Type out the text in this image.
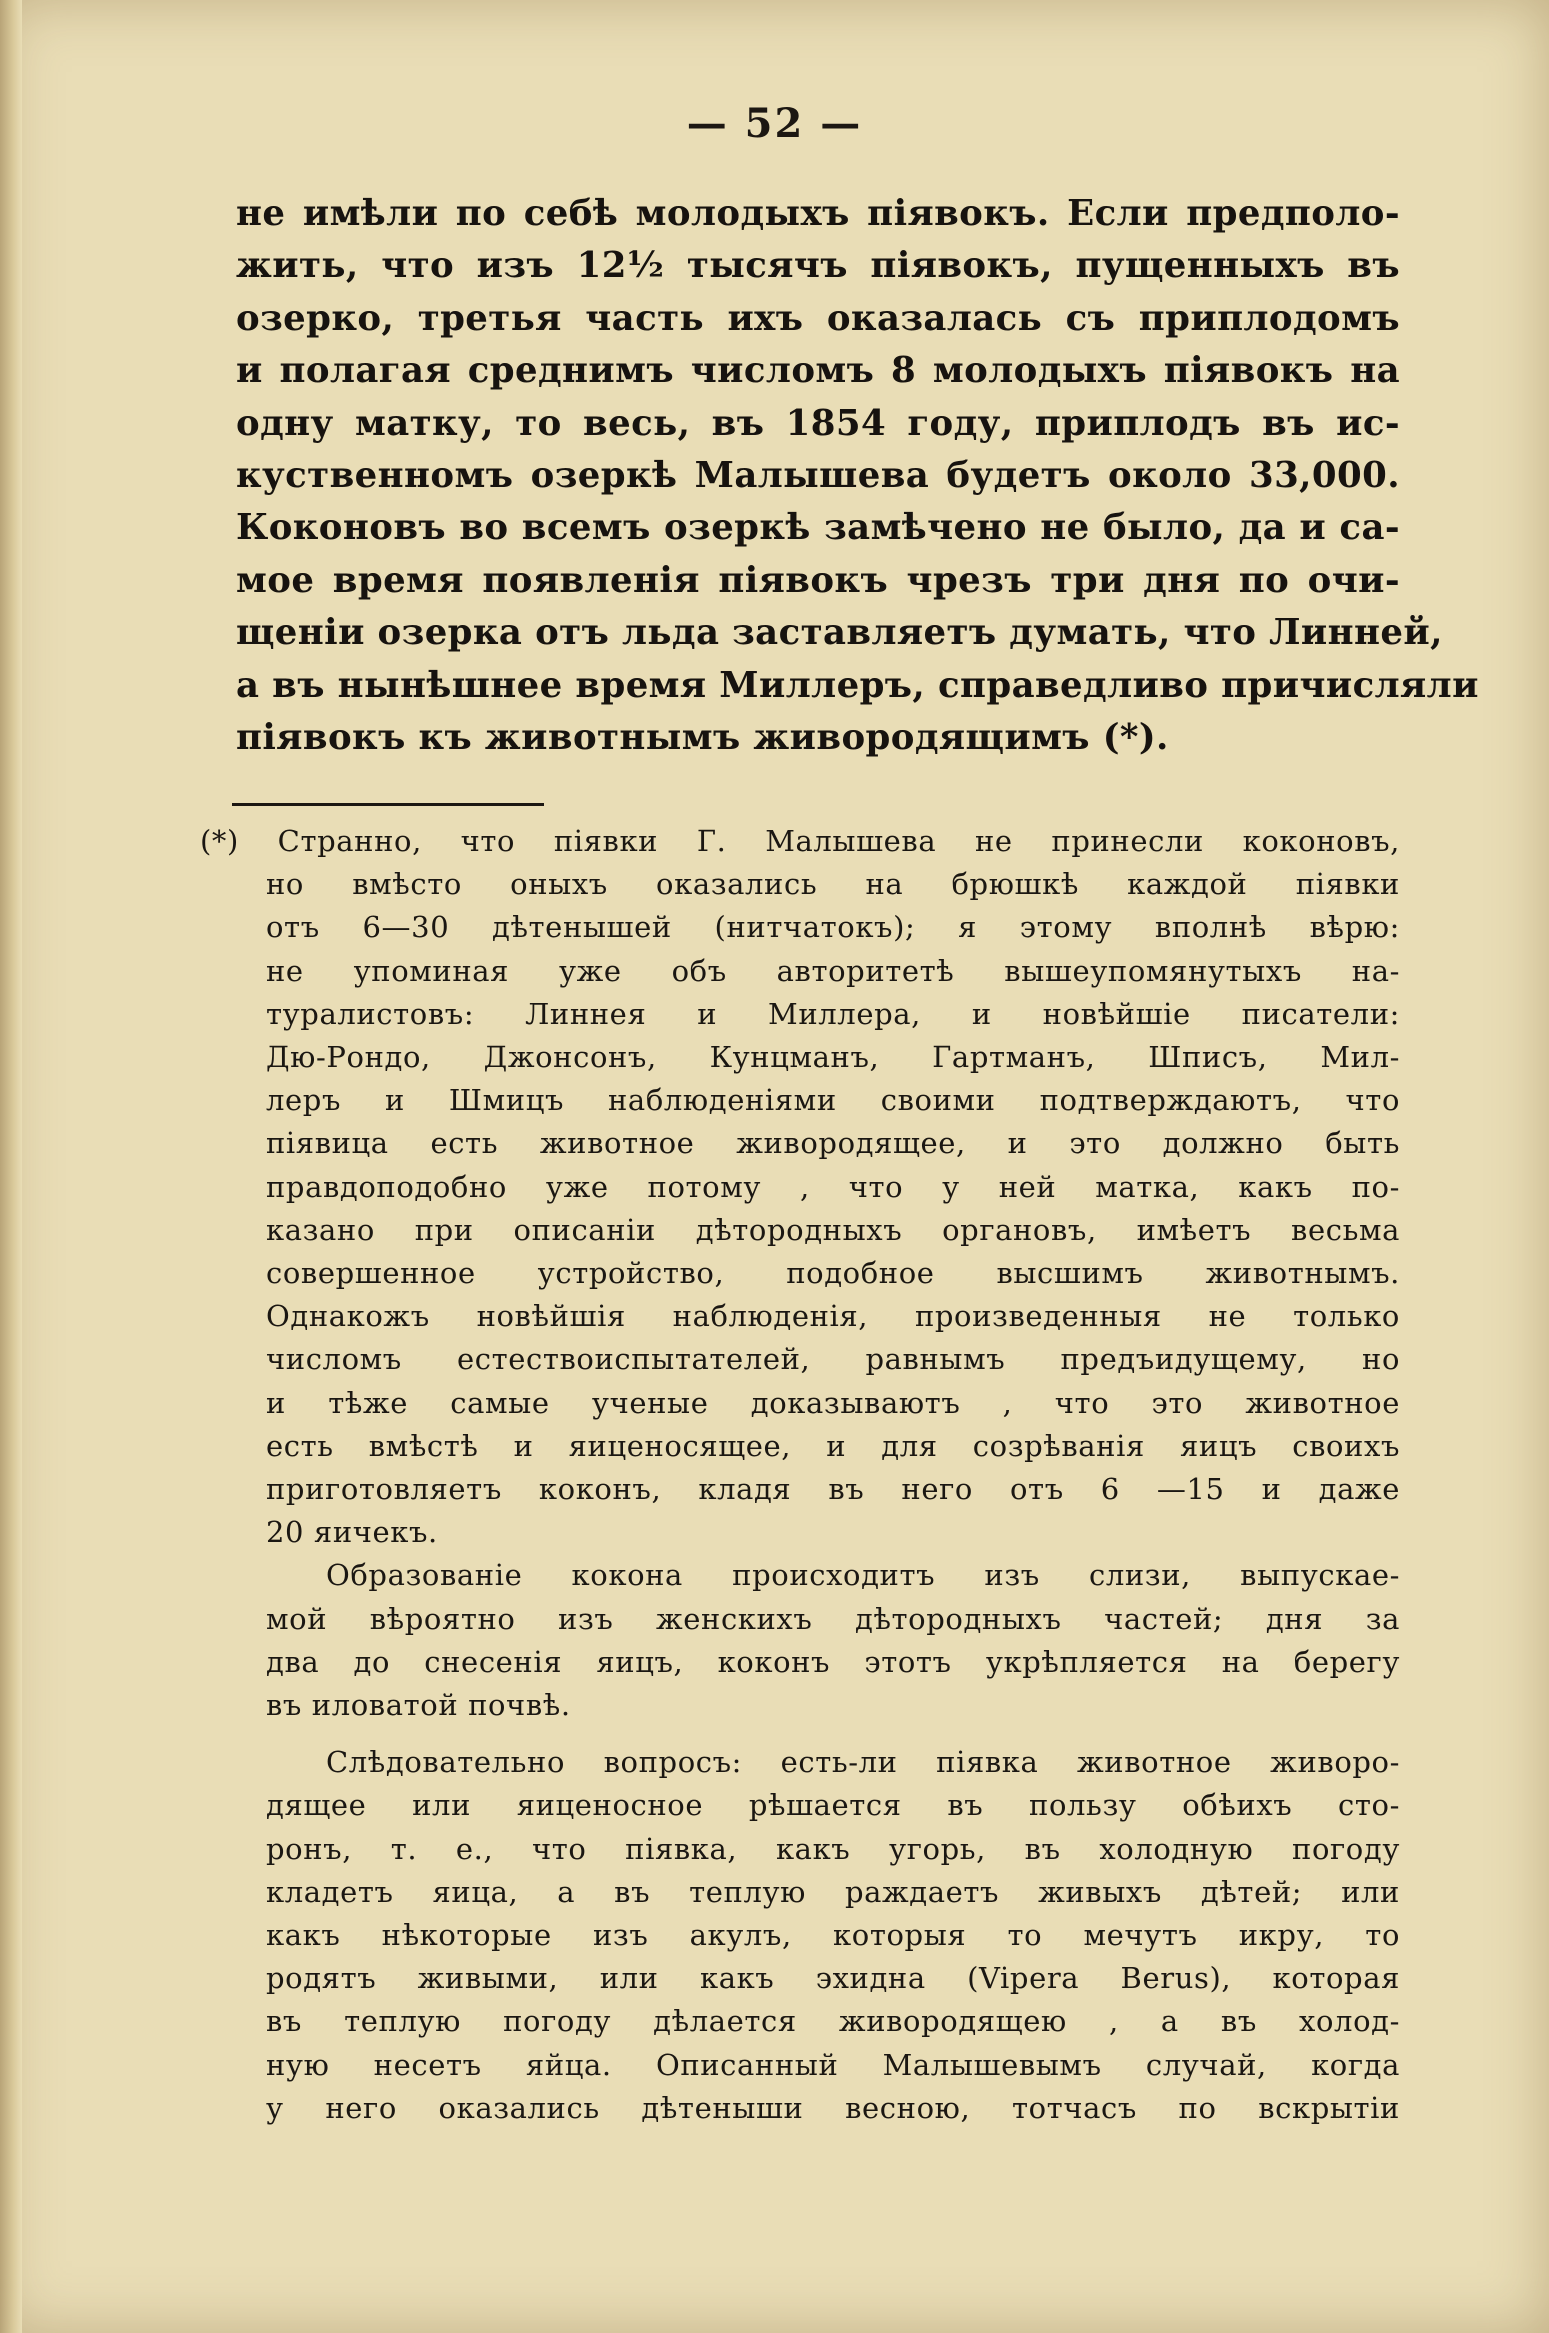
— 52 —
не имѣли по себѣ молодыхъ піявокъ. Если предполо-
жить, что изъ 12½ тысячъ піявокъ, пущенныхъ въ
озерко, третья часть ихъ оказалась съ приплодомъ
и полагая среднимъ числомъ 8 молодыхъ піявокъ на
одну матку, то весь, въ 1854 году, приплодъ въ ис-
куственномъ озеркѣ Малышева будетъ около 33,000.
Коконовъ во всемъ озеркѣ замѣчено не было, да и са-
мое время появленія піявокъ чрезъ три дня по очи-
щеніи озерка отъ льда заставляетъ думать, что Линней,
а въ нынѣшнее время Миллеръ, справедливо причисляли
піявокъ къ животнымъ живородящимъ (*).
(*) Странно, что піявки Г. Малышева не принесли коконовъ,
но вмѣсто оныхъ оказались на брюшкѣ каждой піявки
отъ 6—30 дѣтенышей (нитчатокъ); я этому вполнѣ вѣрю:
не упоминая уже объ авторитетѣ вышеупомянутыхъ на-
туралистовъ: Линнея и Миллера, и новѣйшіе писатели:
Дю-Рондо, Джонсонъ, Кунцманъ, Гартманъ, Шписъ, Мил-
леръ и Шмицъ наблюденіями своими подтверждаютъ, что
піявица есть животное живородящее, и это должно быть
правдоподобно уже потому , что у ней матка, какъ по-
казано при описаніи дѣтородныхъ органовъ, имѣетъ весьма
совершенное устройство, подобное высшимъ животнымъ.
Однакожъ новѣйшія наблюденія, произведенныя не только
числомъ естествоиспытателей, равнымъ предъидущему, но
и тѣже самые ученые доказываютъ , что это животное
есть вмѣстѣ и яиценосящее, и для созрѣванія яицъ своихъ
приготовляетъ коконъ, кладя въ него отъ 6 —15 и даже
20 яичекъ.
Образованіе кокона происходитъ изъ слизи, выпускае-
мой вѣроятно изъ женскихъ дѣтородныхъ частей; дня за
два до снесенія яицъ, коконъ этотъ укрѣпляется на берегу
въ иловатой почвѣ.
Слѣдовательно вопросъ: есть-ли піявка животное живоро-
дящее или яиценосное рѣшается въ пользу обѣихъ сто-
ронъ, т. е., что піявка, какъ угорь, въ холодную погоду
кладетъ яица, а въ теплую раждаетъ живыхъ дѣтей; или
какъ нѣкоторые изъ акулъ, которыя то мечутъ икру, то
родятъ живыми, или какъ эхидна (Vipera Berus), которая
въ теплую погоду дѣлается живородящею , а въ холод-
ную несетъ яйца. Описанный Малышевымъ случай, когда
у него оказались дѣтеныши весною, тотчасъ по вскрытіи
